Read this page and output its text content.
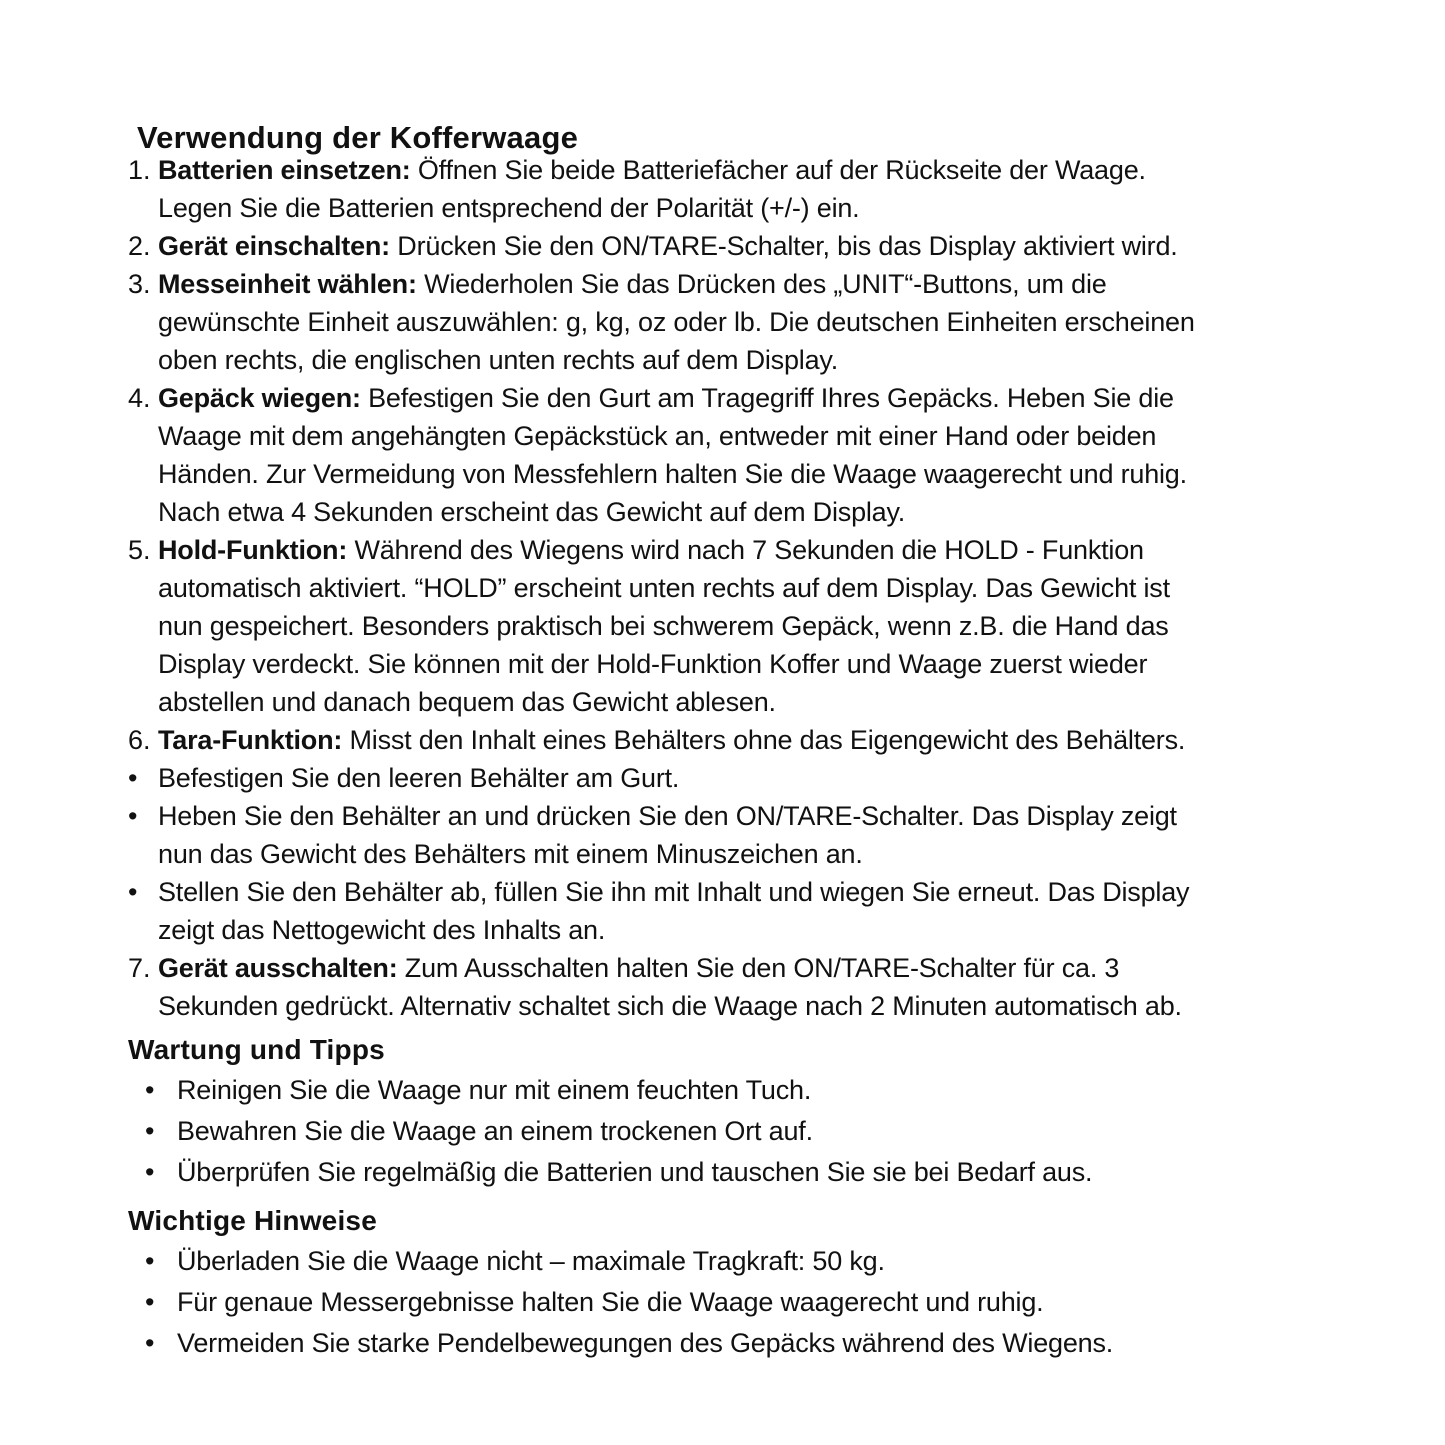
Verwendung der Kofferwaage
1. Batterien einsetzen: Öffnen Sie beide Batteriefächer auf der Rückseite der Waage.
Legen Sie die Batterien entsprechend der Polarität (+/-) ein.
2. Gerät einschalten: Drücken Sie den ON/TARE-Schalter, bis das Display aktiviert wird.
3. Messeinheit wählen: Wiederholen Sie das Drücken des „UNIT“-Buttons, um die
gewünschte Einheit auszuwählen: g, kg, oz oder lb. Die deutschen Einheiten erscheinen
oben rechts, die englischen unten rechts auf dem Display.
4. Gepäck wiegen: Befestigen Sie den Gurt am Tragegriff Ihres Gepäcks. Heben Sie die
Waage mit dem angehängten Gepäckstück an, entweder mit einer Hand oder beiden
Händen. Zur Vermeidung von Messfehlern halten Sie die Waage waagerecht und ruhig.
Nach etwa 4 Sekunden erscheint das Gewicht auf dem Display.
5. Hold-Funktion: Während des Wiegens wird nach 7 Sekunden die HOLD - Funktion
automatisch aktiviert. “HOLD” erscheint unten rechts auf dem Display. Das Gewicht ist
nun gespeichert. Besonders praktisch bei schwerem Gepäck, wenn z.B. die Hand das
Display verdeckt. Sie können mit der Hold-Funktion Koffer und Waage zuerst wieder
abstellen und danach bequem das Gewicht ablesen.
6. Tara-Funktion: Misst den Inhalt eines Behälters ohne das Eigengewicht des Behälters.
• Befestigen Sie den leeren Behälter am Gurt.
• Heben Sie den Behälter an und drücken Sie den ON/TARE-Schalter. Das Display zeigt
nun das Gewicht des Behälters mit einem Minuszeichen an.
• Stellen Sie den Behälter ab, füllen Sie ihn mit Inhalt und wiegen Sie erneut. Das Display
zeigt das Nettogewicht des Inhalts an.
7. Gerät ausschalten: Zum Ausschalten halten Sie den ON/TARE-Schalter für ca. 3
Sekunden gedrückt. Alternativ schaltet sich die Waage nach 2 Minuten automatisch ab.
Wartung und Tipps
• Reinigen Sie die Waage nur mit einem feuchten Tuch.
• Bewahren Sie die Waage an einem trockenen Ort auf.
• Überprüfen Sie regelmäßig die Batterien und tauschen Sie sie bei Bedarf aus.
Wichtige Hinweise
• Überladen Sie die Waage nicht – maximale Tragkraft: 50 kg.
• Für genaue Messergebnisse halten Sie die Waage waagerecht und ruhig.
• Vermeiden Sie starke Pendelbewegungen des Gepäcks während des Wiegens.
